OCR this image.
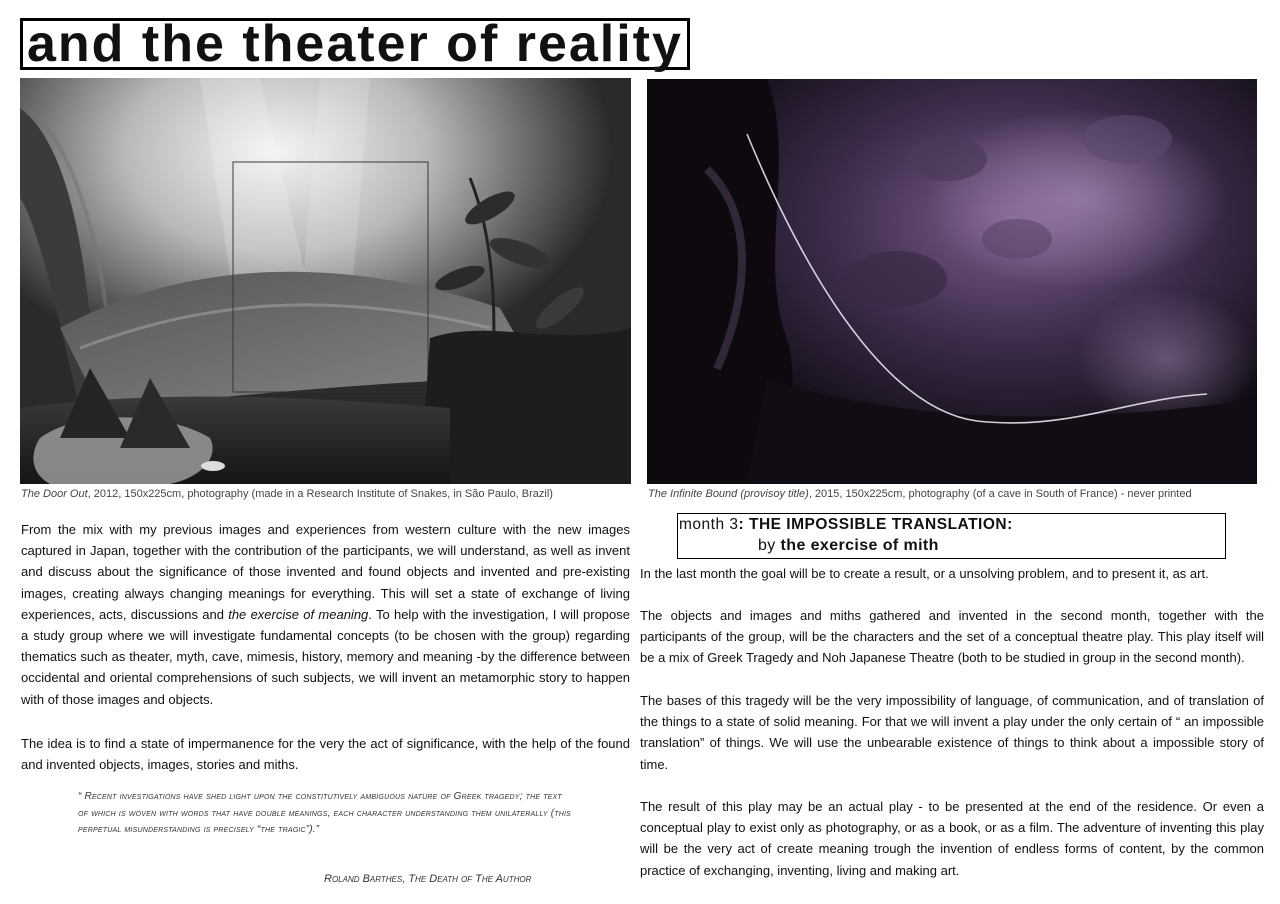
and the theater of reality
The Door Out, 2012, 150x225cm, photography (made in a Research Institute of Snakes, in São Paulo, Brazil)	The Infinite Bound (provisoy title), 2015, 150x225cm, photography (of a cave in South of France) - never printed
From the mix with my previous images and experiences from western culture with the new images captured in Japan, together with the contribution of the participants, we will understand, as well as invent and discuss about the significance of those invented and found objects and invented and pre-existing images, creating always changing meanings for everything. This will set a state of exchange of living experiences, acts, discussions and the exercise of meaning. To help with the investigation, I will propose a study group where we will investigate fundamental concepts (to be chosen with the group) regarding thematics such as theater, myth, cave, mimesis, history, memory and meaning -by the difference between occidental and oriental comprehensions of such subjects, we will invent an metamorphic story to happen with of those images and objects.
The idea is to find a state of impermanence for the very the act of significance, with the help of the found and invented objects, images, stories and miths.
“ Recent investigations have shed light upon the constitutively ambiguous nature of Greek tragedy; the text of which is woven with words that have double meanings, each character understanding them unilaterally (this perpetual misunderstanding is precisely “the tragic”).”
Roland Barthes, The Death of The Author
month 3: THE IMPOSSIBLE TRANSLATION:
by the exercise of mith
In the last month the goal will be to create a result, or a unsolving problem, and to present it, as art.
The objects and images and miths gathered and invented in the second month, together with the participants of the group, will be the characters and the set of a conceptual theatre play. This play itself will be a mix of Greek Tragedy and Noh Japanese Theatre (both to be studied in group in the second month).
The bases of this tragedy will be the very impossibility of language, of communication, and of translation of the things to a state of solid meaning. For that we will invent a play under the only certain of “ an impossible translation” of things. We will use the unbearable existence of things to think about a impossible story of time.
The result of this play may be an actual play - to be presented at the end of the residence. Or even a conceptual play to exist only as photography, or as a book, or as a film. The adventure of inventing this play will be the very act of create meaning trough the invention of endless forms of content, by the common practice of exchanging, inventing, living and making art.
